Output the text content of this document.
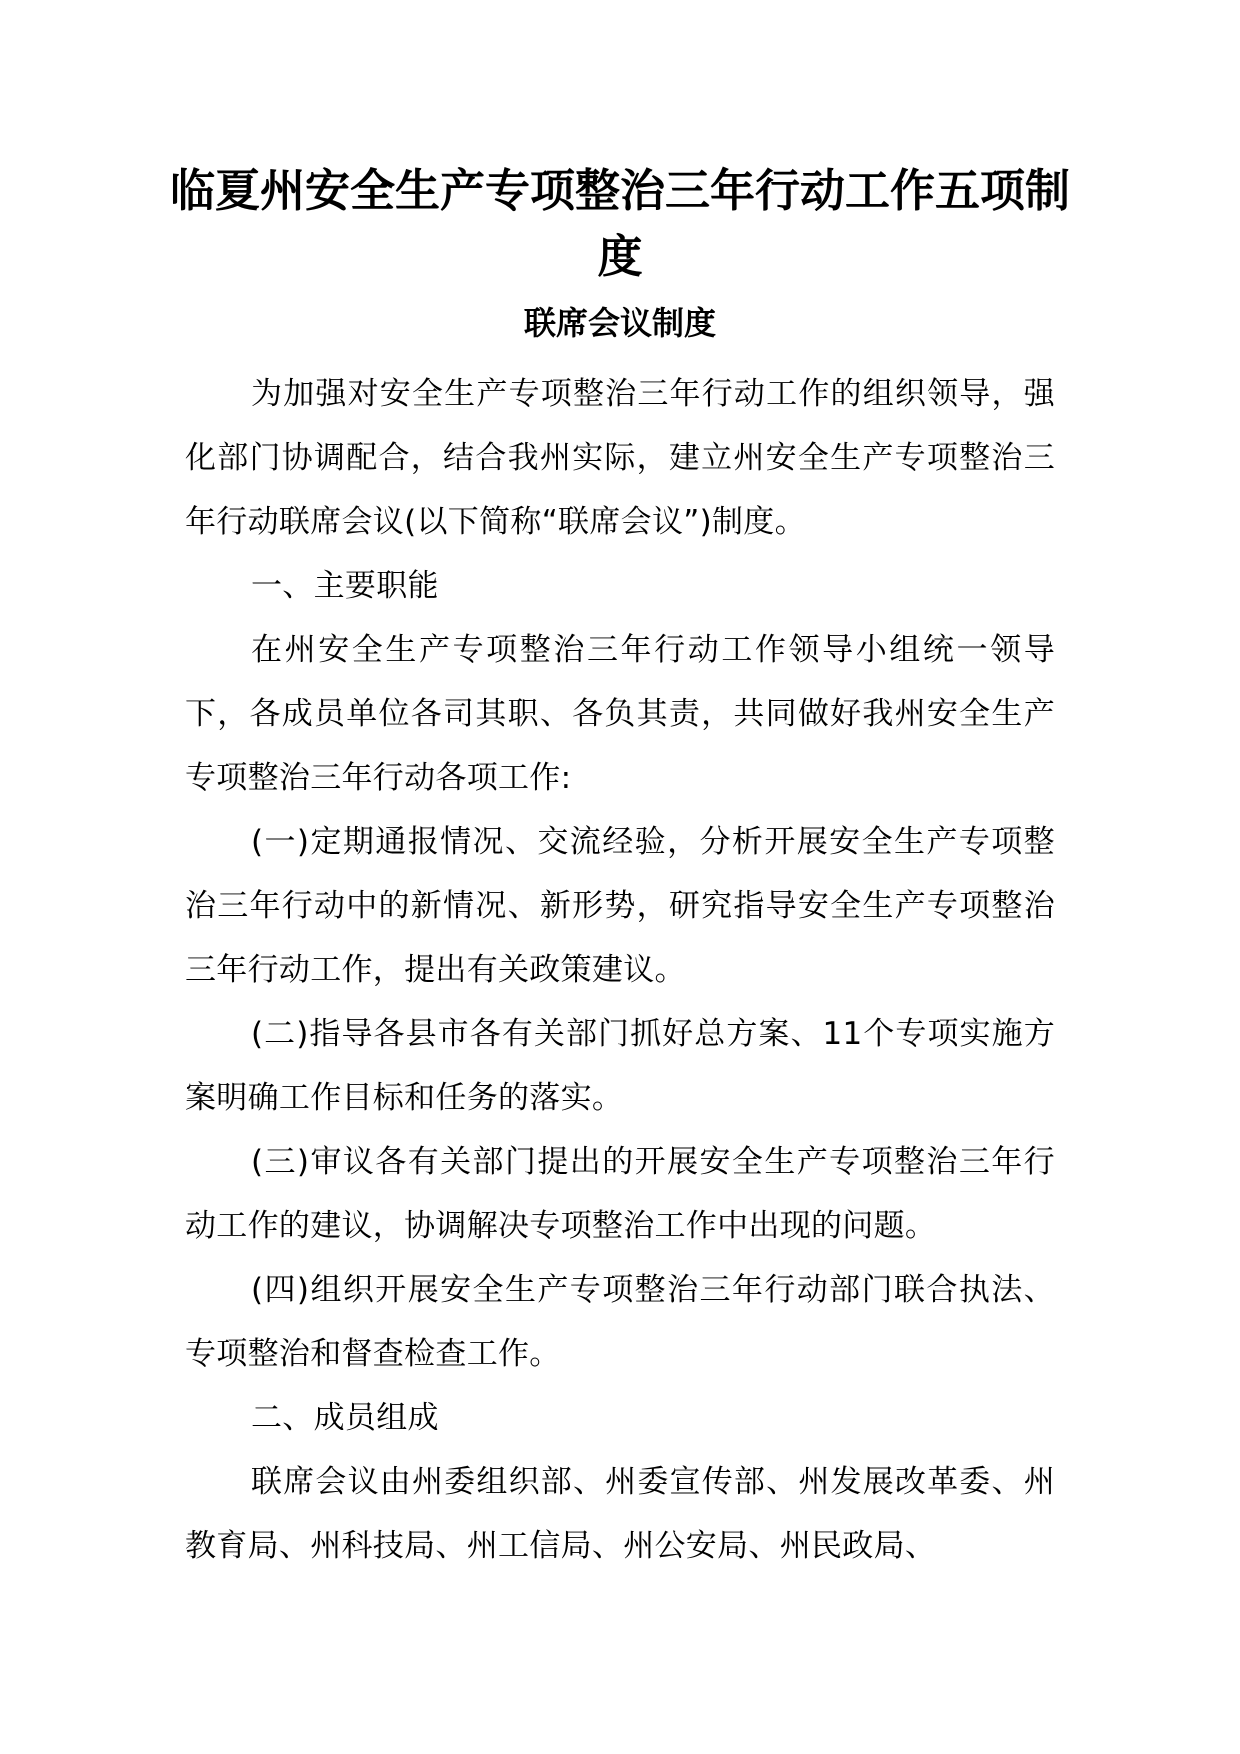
临夏州安全生产专项整治三年行动工作五项制度
联席会议制度

为加强对安全生产专项整治三年行动工作的组织领导，强化部门协调配合，结合我州实际，建立州安全生产专项整治三年行动联席会议(以下简称“联席会议”)制度。

一、主要职能

在州安全生产专项整治三年行动工作领导小组统一领导下，各成员单位各司其职、各负其责，共同做好我州安全生产专项整治三年行动各项工作:

(一)定期通报情况、交流经验，分析开展安全生产专项整治三年行动中的新情况、新形势，研究指导安全生产专项整治三年行动工作，提出有关政策建议。

(二)指导各县市各有关部门抓好总方案、11个专项实施方案明确工作目标和任务的落实。

(三)审议各有关部门提出的开展安全生产专项整治三年行动工作的建议，协调解决专项整治工作中出现的问题。

(四)组织开展安全生产专项整治三年行动部门联合执法、专项整治和督查检查工作。

二、成员组成

联席会议由州委组织部、州委宣传部、州发展改革委、州教育局、州科技局、州工信局、州公安局、州民政局、
